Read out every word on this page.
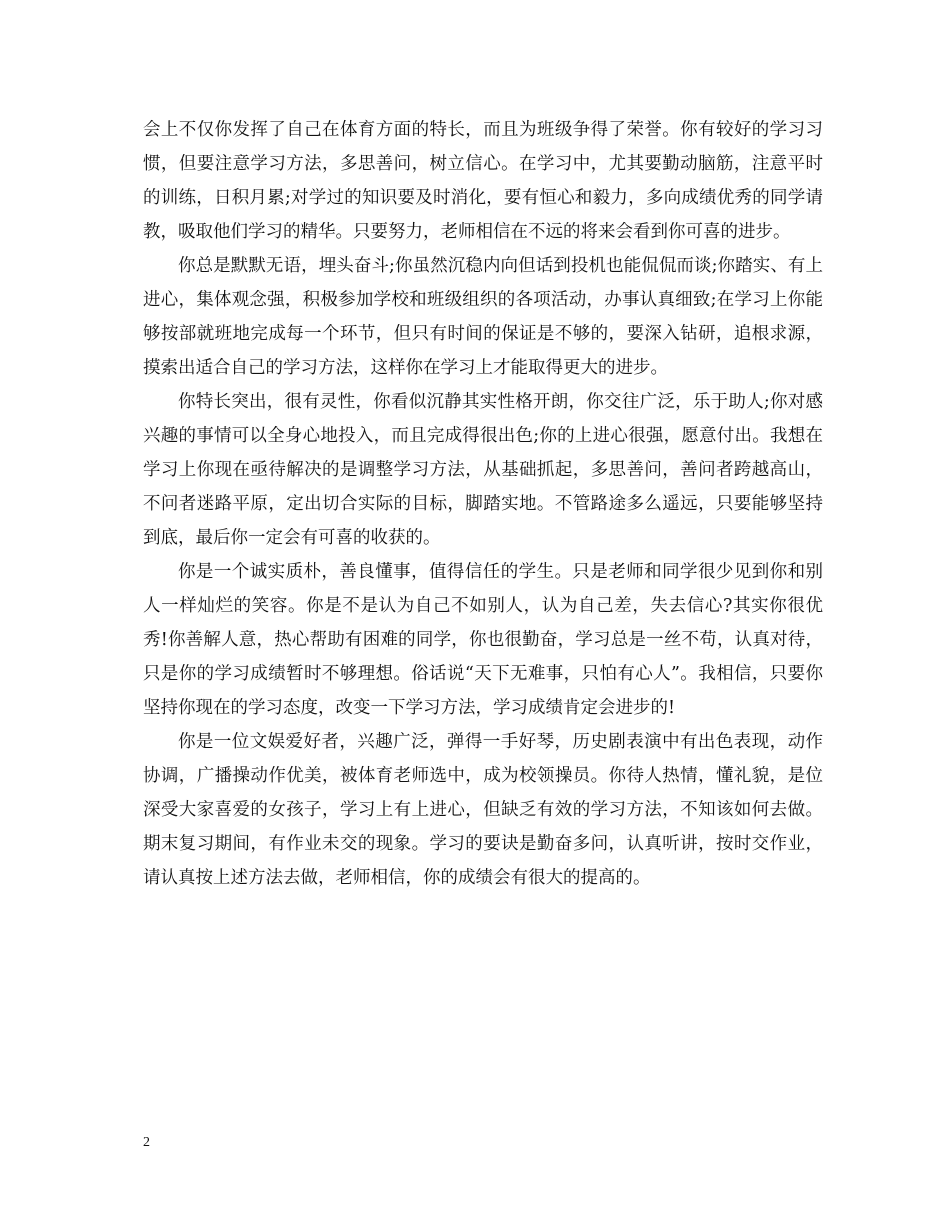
会上不仅你发挥了自己在体育方面的特长，而且为班级争得了荣誉。你有较好的学习习惯，但要注意学习方法，多思善问，树立信心。在学习中，尤其要勤动脑筋，注意平时的训练，日积月累;对学过的知识要及时消化，要有恒心和毅力，多向成绩优秀的同学请教，吸取他们学习的精华。只要努力，老师相信在不远的将来会看到你可喜的进步。

你总是默默无语，埋头奋斗;你虽然沉稳内向但话到投机也能侃侃而谈;你踏实、有上进心，集体观念强，积极参加学校和班级组织的各项活动，办事认真细致;在学习上你能够按部就班地完成每一个环节，但只有时间的保证是不够的，要深入钻研，追根求源，摸索出适合自己的学习方法，这样你在学习上才能取得更大的进步。

你特长突出，很有灵性，你看似沉静其实性格开朗，你交往广泛，乐于助人;你对感兴趣的事情可以全身心地投入，而且完成得很出色;你的上进心很强，愿意付出。我想在学习上你现在亟待解决的是调整学习方法，从基础抓起，多思善问，善问者跨越高山，不问者迷路平原，定出切合实际的目标，脚踏实地。不管路途多么遥远，只要能够坚持到底，最后你一定会有可喜的收获的。

你是一个诚实质朴，善良懂事，值得信任的学生。只是老师和同学很少见到你和别人一样灿烂的笑容。你是不是认为自己不如别人，认为自己差，失去信心?其实你很优秀!你善解人意，热心帮助有困难的同学，你也很勤奋，学习总是一丝不苟，认真对待，只是你的学习成绩暂时不够理想。俗话说“天下无难事，只怕有心人”。我相信，只要你坚持你现在的学习态度，改变一下学习方法，学习成绩肯定会进步的!

你是一位文娱爱好者，兴趣广泛，弹得一手好琴，历史剧表演中有出色表现，动作协调，广播操动作优美，被体育老师选中，成为校领操员。你待人热情，懂礼貌，是位深受大家喜爱的女孩子，学习上有上进心，但缺乏有效的学习方法，不知该如何去做。期末复习期间，有作业未交的现象。学习的要诀是勤奋多问，认真听讲，按时交作业，请认真按上述方法去做，老师相信，你的成绩会有很大的提高的。

2
